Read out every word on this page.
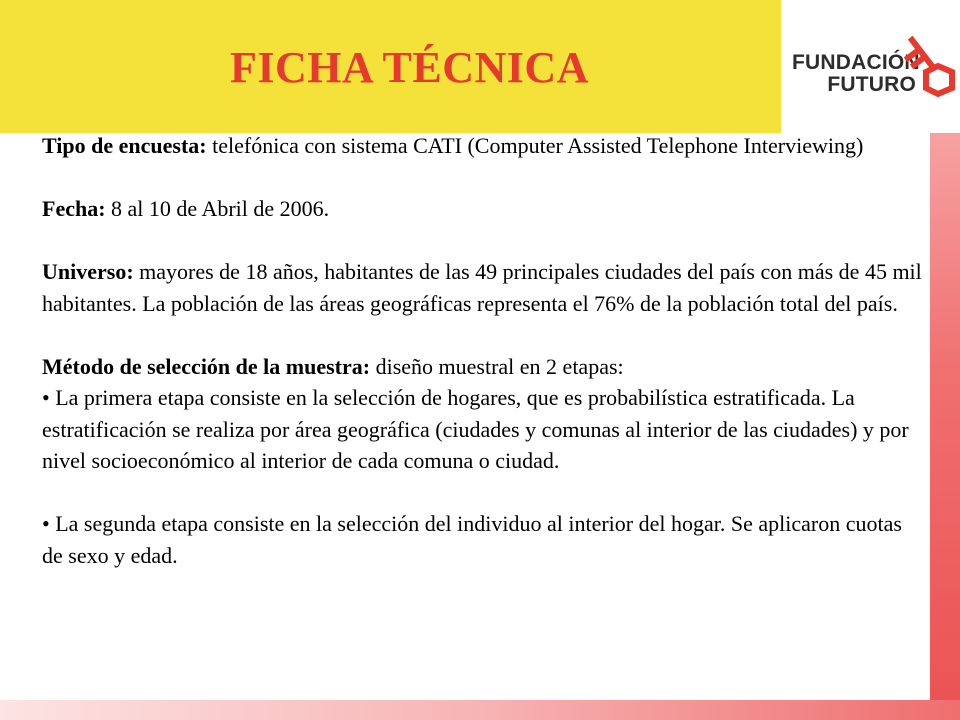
FICHA TÉCNICA	FUNDACIÓN
FUTURO

Tipo de encuesta: telefónica con sistema CATI (Computer Assisted Telephone Interviewing)

Fecha: 8 al 10 de Abril de 2006.

Universo: mayores de 18 años, habitantes de las 49 principales ciudades del país con más de 45 mil habitantes. La población de las áreas geográficas representa el 76% de la población total del país.

Método de selección de la muestra: diseño muestral en 2 etapas:

• La primera etapa consiste en la selección de hogares, que es probabilística estratificada. La estratificación se realiza por área geográfica (ciudades y comunas al interior de las ciudades) y por nivel socioeconómico al interior de cada comuna o ciudad.

• La segunda etapa consiste en la selección del individuo al interior del hogar. Se aplicaron cuotas de sexo y edad.
